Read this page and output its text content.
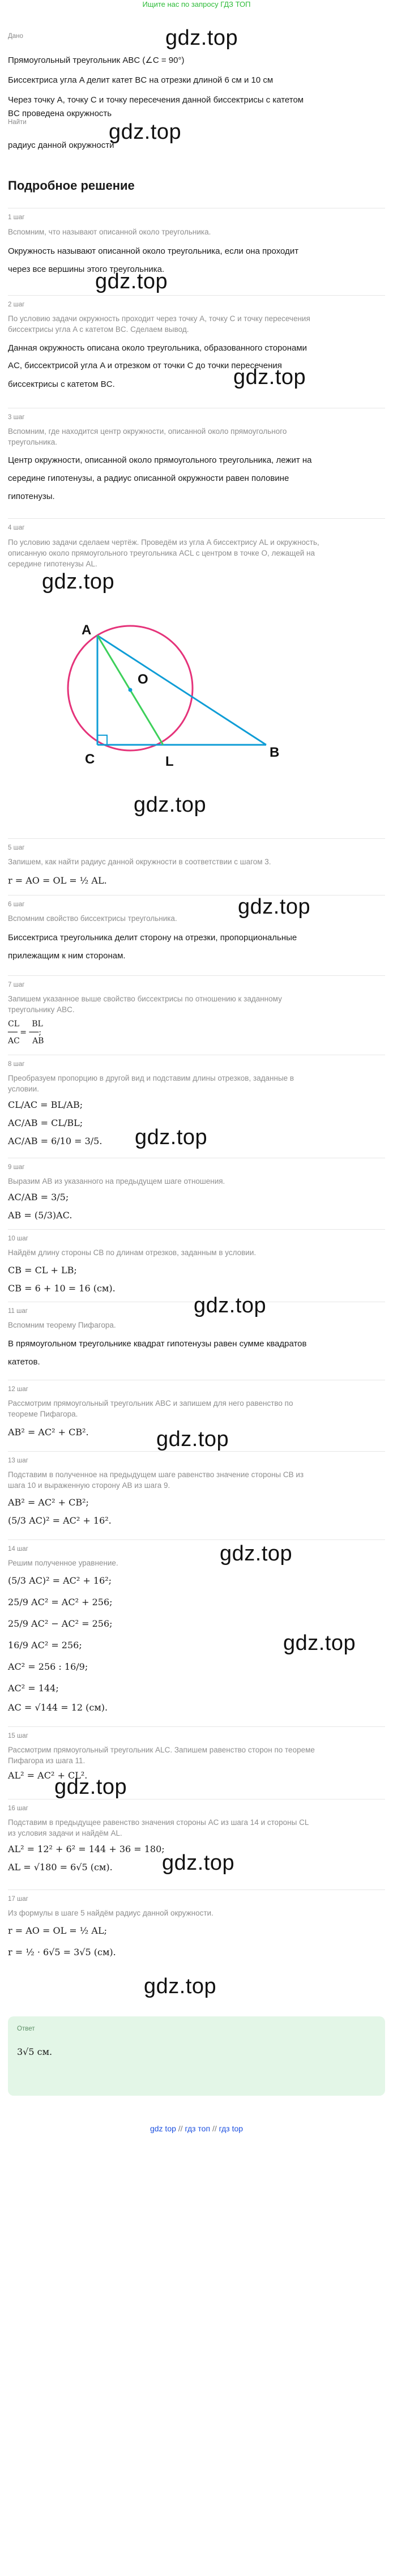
Ищите нас по запросу ГДЗ ТОП
Дано	gdz.top
Прямоугольный треугольник ABC (∠C = 90°)
Биссектриса угла A делит катет BC на отрезки длиной 6 см и 10 см
Через точку A, точку C и точку пересечения данной биссектрисы с катетом
BC проведена окружность
Найти	gdz.top
радиус данной окружности
Подробное решение
1 шаг
Вспомним, что называют описанной около треугольника.
Окружность называют описанной около треугольника, если она проходит
через все вершины этого треугольника.
gdz.top
2 шаг
По условию задачи окружность проходит через точку A, точку C и точку пересечения
биссектрисы угла A с катетом BC. Сделаем вывод.
Данная окружность описана около треугольника, образованного сторонами
AC, биссектрисой угла A и отрезком от точки C до точки пересечения
биссектрисы с катетом BC.	gdz.top
3 шаг
Вспомним, где находится центр окружности, описанной около прямоугольного
треугольника.
Центр окружности, описанной около прямоугольного треугольника, лежит на
середине гипотенузы, а радиус описанной окружности равен половине
гипотенузы.
4 шаг
По условию задачи сделаем чертёж. Проведём из угла A биссектрису AL и окружность,
описанную около прямоугольного треугольника ACL с центром в точке O, лежащей на
середине гипотенузы AL.
gdz.top
A
O
C	L
B
gdz.top
5 шаг
Запишем, как найти радиус данной окружности в соответствии с шагом 3.
r = AO = OL = ½ AL.
6 шаг	gdz.top
Вспомним свойство биссектрисы треугольника.
Биссектриса треугольника делит сторону на отрезки, пропорциональные
прилежащим к ним сторонам.
7 шаг
Запишем указанное выше свойство биссектрисы по отношению к заданному
треугольнику ABC.
CL     BL
── = ──;
AC     AB
8 шаг
Преобразуем пропорцию в другой вид и подставим длины отрезков, заданные в
условии.
CL/AC = BL/AB;
AC/AB = CL/BL;
AC/AB = 6/10 = 3/5. gdz.top
9 шаг
Выразим AB из указанного на предыдущем шаге отношения.
AC/AB = 3/5;
AB = (5/3)AC.
10 шаг
Найдём длину стороны CB по длинам отрезков, заданным в условии.
CB = CL + LB;
CB = 6 + 10 = 16 (см).
11 шаг	gdz.top
Вспомним теорему Пифагора.
В прямоугольном треугольнике квадрат гипотенузы равен сумме квадратов
катетов.
12 шаг
Рассмотрим прямоугольный треугольник ABC и запишем для него равенство по
теореме Пифагора.
AB² = AC² + CB².	gdz.top
13 шаг
Подставим в полученное на предыдущем шаге равенство значение стороны CB из
шага 10 и выраженную сторону AB из шага 9.
AB² = AC² + CB²;
(5/3 AC)² = AC² + 16².
14 шаг	gdz.top
Решим полученное уравнение.
(5/3 AC)² = AC² + 16²;
25/9 AC² = AC² + 256;
25/9 AC² − AC² = 256;
16/9 AC² = 256;
AC² = 256 : 16/9;
AC² = 144;
AC = √144 = 12 (см).
gdz.top
15 шаг
Рассмотрим прямоугольный треугольник ALC. Запишем равенство сторон по теореме
Пифагора из шага 11.
AL² = AC² + CL².
gdz.top
16 шаг
Подставим в предыдущее равенство значения стороны AC из шага 14 и стороны CL
из условия задачи и найдём AL.
AL² = 12² + 6² = 144 + 36 = 180;
AL = √180 = 6√5 (см). gdz.top
17 шаг
Из формулы в шаге 5 найдём радиус данной окружности.
r = AO = OL = ½ AL;
r = ½ · 6√5 = 3√5 (см).
gdz.top
Ответ
3√5 см.
gdz top // гдз топ // гдз top
